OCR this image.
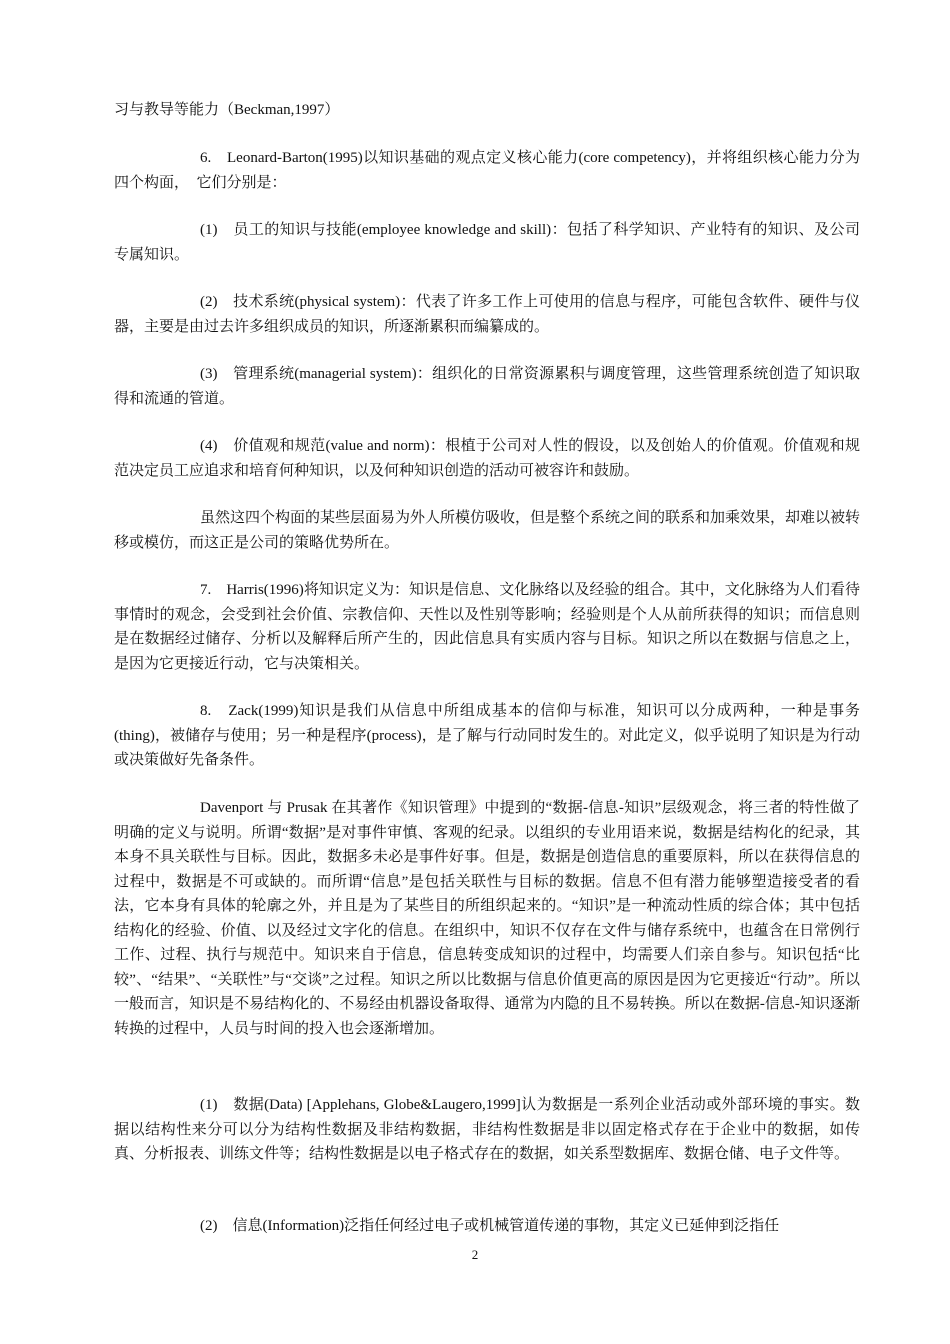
习与教导等能力（Beckman,1997）

6.　Leonard-Barton(1995)以知识基础的观点定义核心能力(core competency)，并将组织核心能力分为四个构面，　它们分别是：

(1)　员工的知识与技能(employee knowledge and skill)：包括了科学知识、产业特有的知识、及公司专属知识。

(2)　技术系统(physical system)：代表了许多工作上可使用的信息与程序，可能包含软件、硬件与仪器，主要是由过去许多组织成员的知识，所逐渐累积而编纂成的。

(3)　管理系统(managerial system)：组织化的日常资源累积与调度管理，这些管理系统创造了知识取得和流通的管道。

(4)　价值观和规范(value and norm)：根植于公司对人性的假设，以及创始人的价值观。价值观和规范决定员工应追求和培育何种知识，以及何种知识创造的活动可被容许和鼓励。

虽然这四个构面的某些层面易为外人所模仿吸收，但是整个系统之间的联系和加乘效果，却难以被转移或模仿，而这正是公司的策略优势所在。

7.　Harris(1996)将知识定义为：知识是信息、文化脉络以及经验的组合。其中，文化脉络为人们看待事情时的观念，会受到社会价值、宗教信仰、天性以及性别等影响；经验则是个人从前所获得的知识；而信息则是在数据经过储存、分析以及解释后所产生的，因此信息具有实质内容与目标。知识之所以在数据与信息之上，是因为它更接近行动，它与决策相关。

8.　Zack(1999)知识是我们从信息中所组成基本的信仰与标准，知识可以分成两种，一种是事务(thing)，被储存与使用；另一种是程序(process)，是了解与行动同时发生的。对此定义，似乎说明了知识是为行动或决策做好先备条件。

Davenport 与 Prusak 在其著作《知识管理》中提到的“数据-信息-知识”层级观念，将三者的特性做了明确的定义与说明。所谓“数据”是对事件审慎、客观的纪录。以组织的专业用语来说，数据是结构化的纪录，其本身不具关联性与目标。因此，数据多未必是事件好事。但是，数据是创造信息的重要原料，所以在获得信息的过程中，数据是不可或缺的。而所谓“信息”是包括关联性与目标的数据。信息不但有潜力能够塑造接受者的看法，它本身有具体的轮廓之外，并且是为了某些目的所组织起来的。“知识”是一种流动性质的综合体；其中包括结构化的经验、价值、以及经过文字化的信息。在组织中，知识不仅存在文件与储存系统中，也蕴含在日常例行工作、过程、执行与规范中。知识来自于信息，信息转变成知识的过程中，均需要人们亲自参与。知识包括“比较”、“结果”、“关联性”与“交谈”之过程。知识之所以比数据与信息价值更高的原因是因为它更接近“行动”。所以一般而言，知识是不易结构化的、不易经由机器设备取得、通常为内隐的且不易转换。所以在数据-信息-知识逐渐转换的过程中，人员与时间的投入也会逐渐增加。

(1)　数据(Data) [Applehans, Globe&Laugero,1999]认为数据是一系列企业活动或外部环境的事实。数据以结构性来分可以分为结构性数据及非结构数据，非结构性数据是非以固定格式存在于企业中的数据，如传真、分析报表、训练文件等；结构性数据是以电子格式存在的数据，如关系型数据库、数据仓储、电子文件等。

(2)　信息(Information)泛指任何经过电子或机械管道传递的事物，其定义已延伸到泛指任

2
